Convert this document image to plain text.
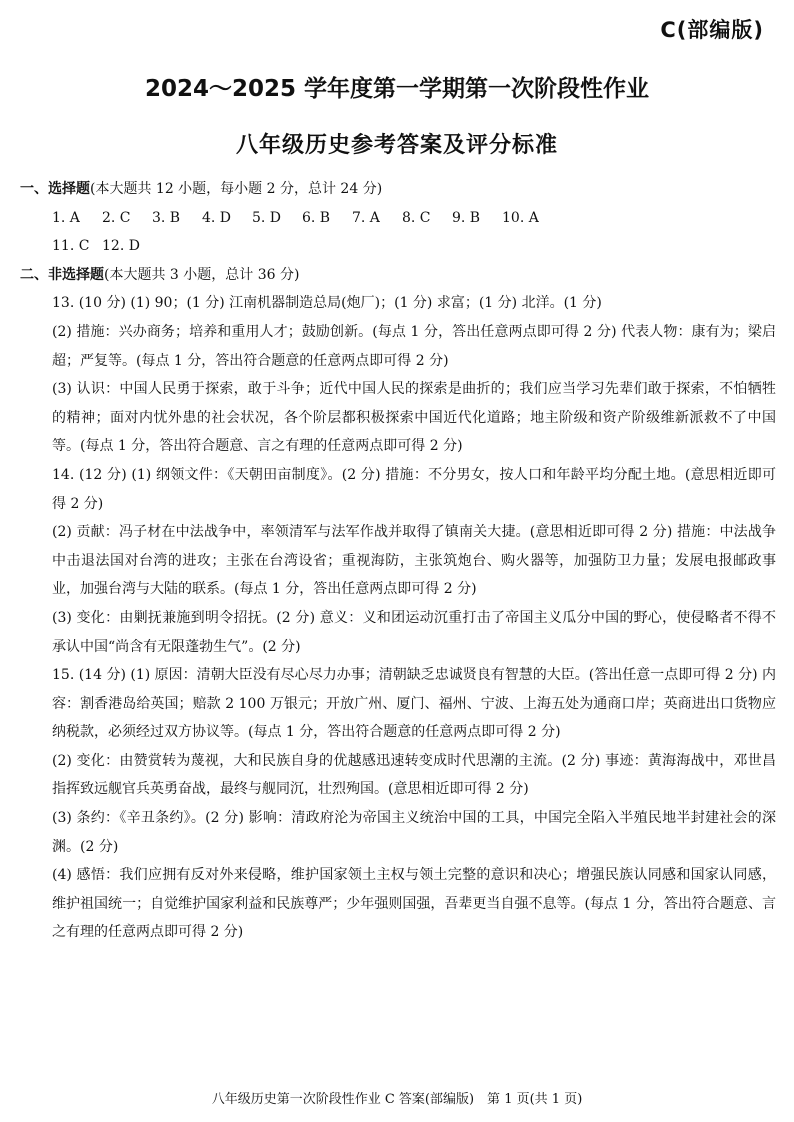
C(部编版)
2024～2025 学年度第一学期第一次阶段性作业
八年级历史参考答案及评分标准

一、选择题(本大题共 12 小题，每小题 2 分，总计 24 分)

1. A 2. C 3. B 4. D 5. D 6. B 7. A 8. C 9. B 10. A
11. C 12. D

二、非选择题(本大题共 3 小题，总计 36 分)

13. (10 分) (1) 90；(1 分) 江南机器制造总局(炮厂)；(1 分) 求富；(1 分) 北洋。(1 分)

(2) 措施：兴办商务；培养和重用人才；鼓励创新。(每点 1 分，答出任意两点即可得 2 分) 代表人物：康有为；梁启超；严复等。(每点 1 分，答出符合题意的任意两点即可得 2 分)

(3) 认识：中国人民勇于探索，敢于斗争；近代中国人民的探索是曲折的；我们应当学习先辈们敢于探索，不怕牺牲的精神；面对内忧外患的社会状况，各个阶层都积极探索中国近代化道路；地主阶级和资产阶级维新派救不了中国等。(每点 1 分，答出符合题意、言之有理的任意两点即可得 2 分)

14. (12 分) (1) 纲领文件：《天朝田亩制度》。(2 分) 措施：不分男女，按人口和年龄平均分配土地。(意思相近即可得 2 分)

(2) 贡献：冯子材在中法战争中，率领清军与法军作战并取得了镇南关大捷。(意思相近即可得 2 分) 措施：中法战争中击退法国对台湾的进攻；主张在台湾设省；重视海防，主张筑炮台、购火器等，加强防卫力量；发展电报邮政事业，加强台湾与大陆的联系。(每点 1 分，答出任意两点即可得 2 分)

(3) 变化：由剿抚兼施到明令招抚。(2 分) 意义：义和团运动沉重打击了帝国主义瓜分中国的野心，使侵略者不得不承认中国“尚含有无限蓬勃生气”。(2 分)

15. (14 分) (1) 原因：清朝大臣没有尽心尽力办事；清朝缺乏忠诚贤良有智慧的大臣。(答出任意一点即可得 2 分) 内容：割香港岛给英国；赔款 2 100 万银元；开放广州、厦门、福州、宁波、上海五处为通商口岸；英商进出口货物应纳税款，必须经过双方协议等。(每点 1 分，答出符合题意的任意两点即可得 2 分)

(2) 变化：由赞赏转为蔑视，大和民族自身的优越感迅速转变成时代思潮的主流。(2 分) 事迹：黄海海战中，邓世昌指挥致远舰官兵英勇奋战，最终与舰同沉，壮烈殉国。(意思相近即可得 2 分)

(3) 条约：《辛丑条约》。(2 分) 影响：清政府沦为帝国主义统治中国的工具，中国完全陷入半殖民地半封建社会的深渊。(2 分)

(4) 感悟：我们应拥有反对外来侵略，维护国家领土主权与领土完整的意识和决心；增强民族认同感和国家认同感，维护祖国统一；自觉维护国家利益和民族尊严；少年强则国强，吾辈更当自强不息等。(每点 1 分，答出符合题意、言之有理的任意两点即可得 2 分)

八年级历史第一次阶段性作业 C 答案(部编版)　第 1 页(共 1 页)
